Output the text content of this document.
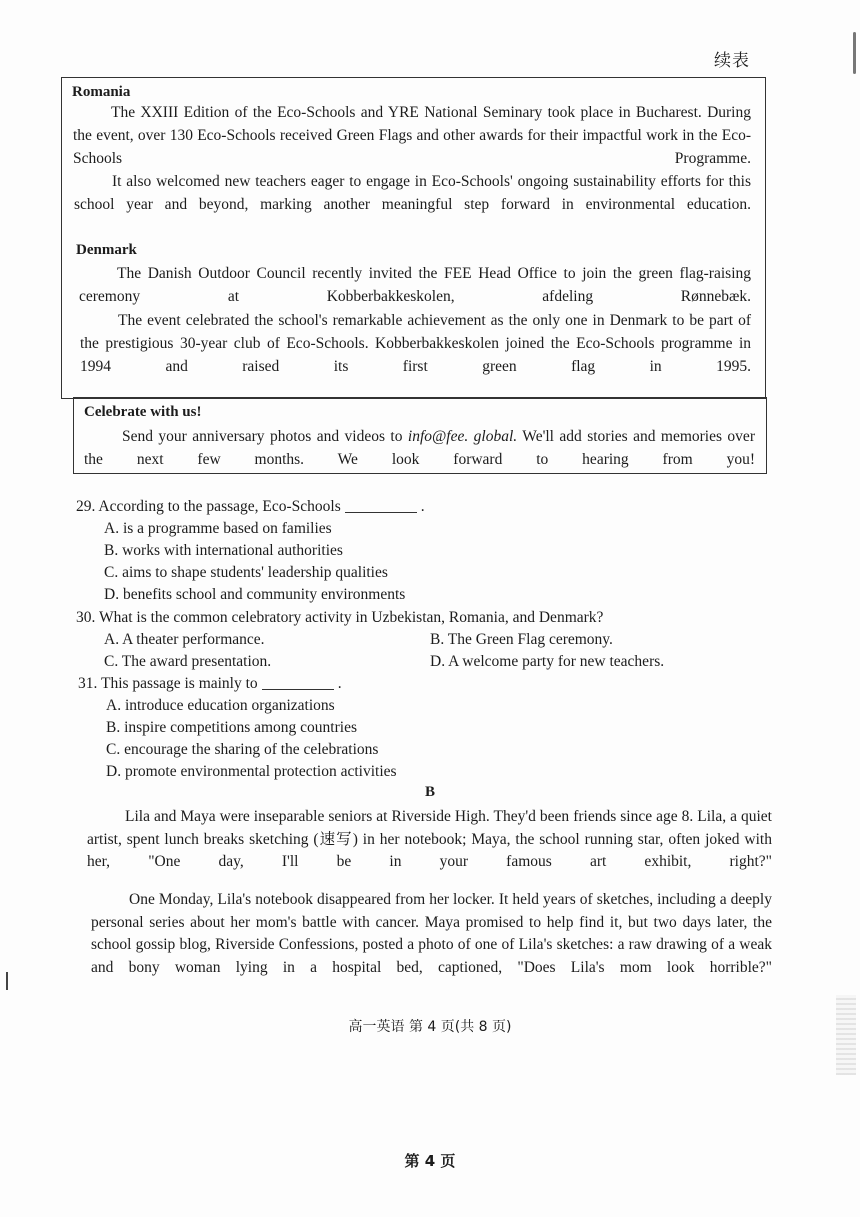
续表
Romania
The XXIII Edition of the Eco-Schools and YRE National Seminary took place in Bucharest. During the event, over 130 Eco-Schools received Green Flags and other awards for their impactful work in the Eco-Schools Programme.
It also welcomed new teachers eager to engage in Eco-Schools' ongoing sustainability efforts for this school year and beyond, marking another meaningful step forward in environmental education.
Denmark
The Danish Outdoor Council recently invited the FEE Head Office to join the green flag-raising ceremony at Kobberbakkeskolen, afdeling Rønnebæk.
The event celebrated the school's remarkable achievement as the only one in Denmark to be part of the prestigious 30-year club of Eco-Schools. Kobberbakkeskolen joined the Eco-Schools programme in 1994 and raised its first green flag in 1995.
Celebrate with us!
Send your anniversary photos and videos to info@fee. global. We'll add stories and memories over the next few months. We look forward to hearing from you!
29. According to the passage, Eco-Schools	.
A. is a programme based on families
B. works with international authorities
C. aims to shape students' leadership qualities
D. benefits school and community environments
30. What is the common celebratory activity in Uzbekistan, Romania, and Denmark?
A. A theater performance.	B. The Green Flag ceremony.
C. The award presentation.	D. A welcome party for new teachers.
31. This passage is mainly to	.
A. introduce education organizations
B. inspire competitions among countries
C. encourage the sharing of the celebrations
D. promote environmental protection activities
B
Lila and Maya were inseparable seniors at Riverside High. They'd been friends since age 8. Lila, a quiet artist, spent lunch breaks sketching (速写) in her notebook; Maya, the school running star, often joked with her, "One day, I'll be in your famous art exhibit, right?"
One Monday, Lila's notebook disappeared from her locker. It held years of sketches, including a deeply personal series about her mom's battle with cancer. Maya promised to help find it, but two days later, the school gossip blog, Riverside Confessions, posted a photo of one of Lila's sketches: a raw drawing of a weak and bony woman lying in a hospital bed, captioned, "Does Lila's mom look horrible?"
高一英语 第 4 页(共 8 页)
第 4 页
